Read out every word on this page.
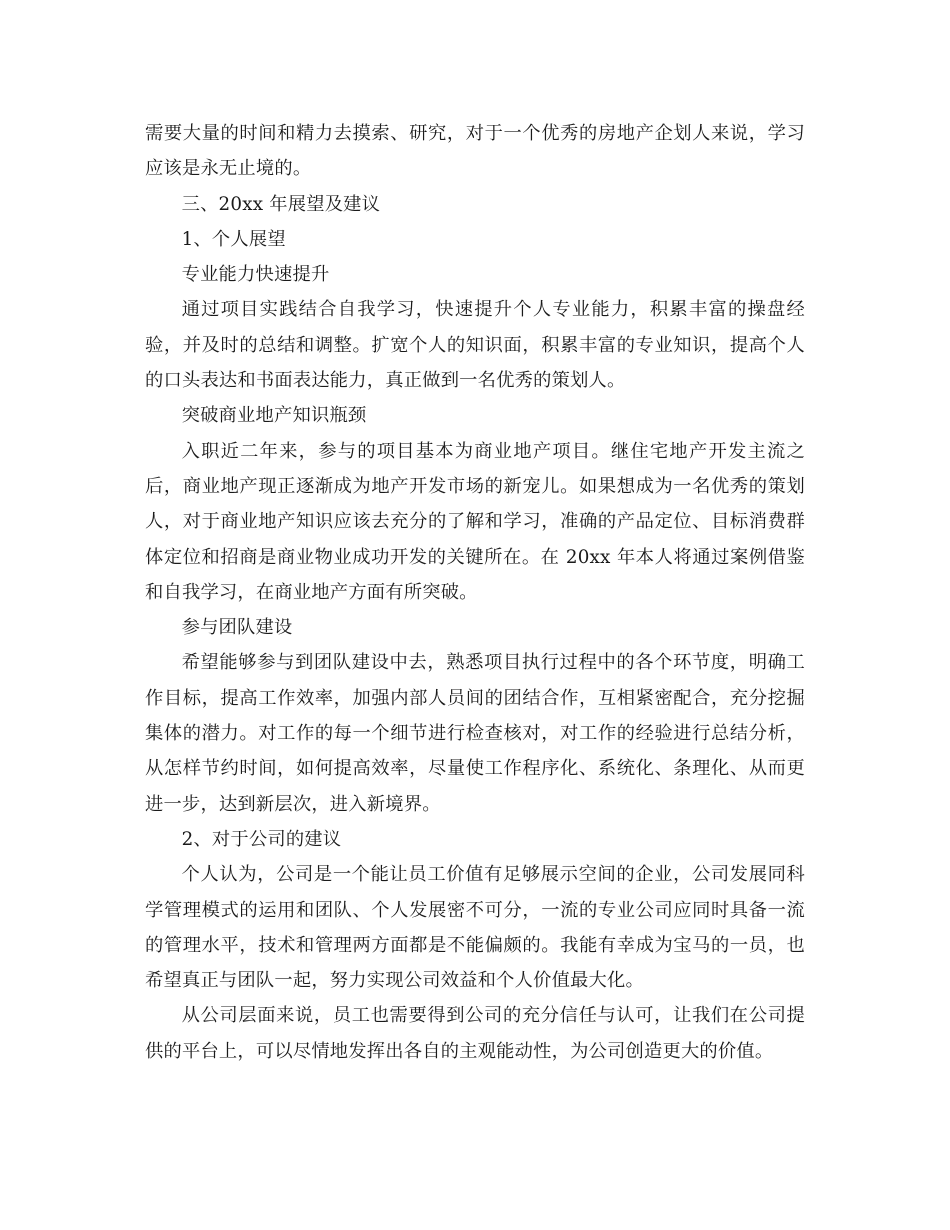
需要大量的时间和精力去摸索、研究，对于一个优秀的房地产企划人来说，学习应该是永无止境的。

三、20xx 年展望及建议

1、个人展望

专业能力快速提升

通过项目实践结合自我学习，快速提升个人专业能力，积累丰富的操盘经验，并及时的总结和调整。扩宽个人的知识面，积累丰富的专业知识，提高个人的口头表达和书面表达能力，真正做到一名优秀的策划人。

突破商业地产知识瓶颈

入职近二年来，参与的项目基本为商业地产项目。继住宅地产开发主流之后，商业地产现正逐渐成为地产开发市场的新宠儿。如果想成为一名优秀的策划人，对于商业地产知识应该去充分的了解和学习，准确的产品定位、目标消费群体定位和招商是商业物业成功开发的关键所在。在 20xx 年本人将通过案例借鉴和自我学习，在商业地产方面有所突破。

参与团队建设

希望能够参与到团队建设中去，熟悉项目执行过程中的各个环节度，明确工作目标，提高工作效率，加强内部人员间的团结合作，互相紧密配合，充分挖掘集体的潜力。对工作的每一个细节进行检查核对，对工作的经验进行总结分析，从怎样节约时间，如何提高效率，尽量使工作程序化、系统化、条理化、从而更进一步，达到新层次，进入新境界。

2、对于公司的建议

个人认为，公司是一个能让员工价值有足够展示空间的企业，公司发展同科学管理模式的运用和团队、个人发展密不可分，一流的专业公司应同时具备一流的管理水平，技术和管理两方面都是不能偏颇的。我能有幸成为宝马的一员，也希望真正与团队一起，努力实现公司效益和个人价值最大化。

从公司层面来说，员工也需要得到公司的充分信任与认可，让我们在公司提供的平台上，可以尽情地发挥出各自的主观能动性，为公司创造更大的价值。
